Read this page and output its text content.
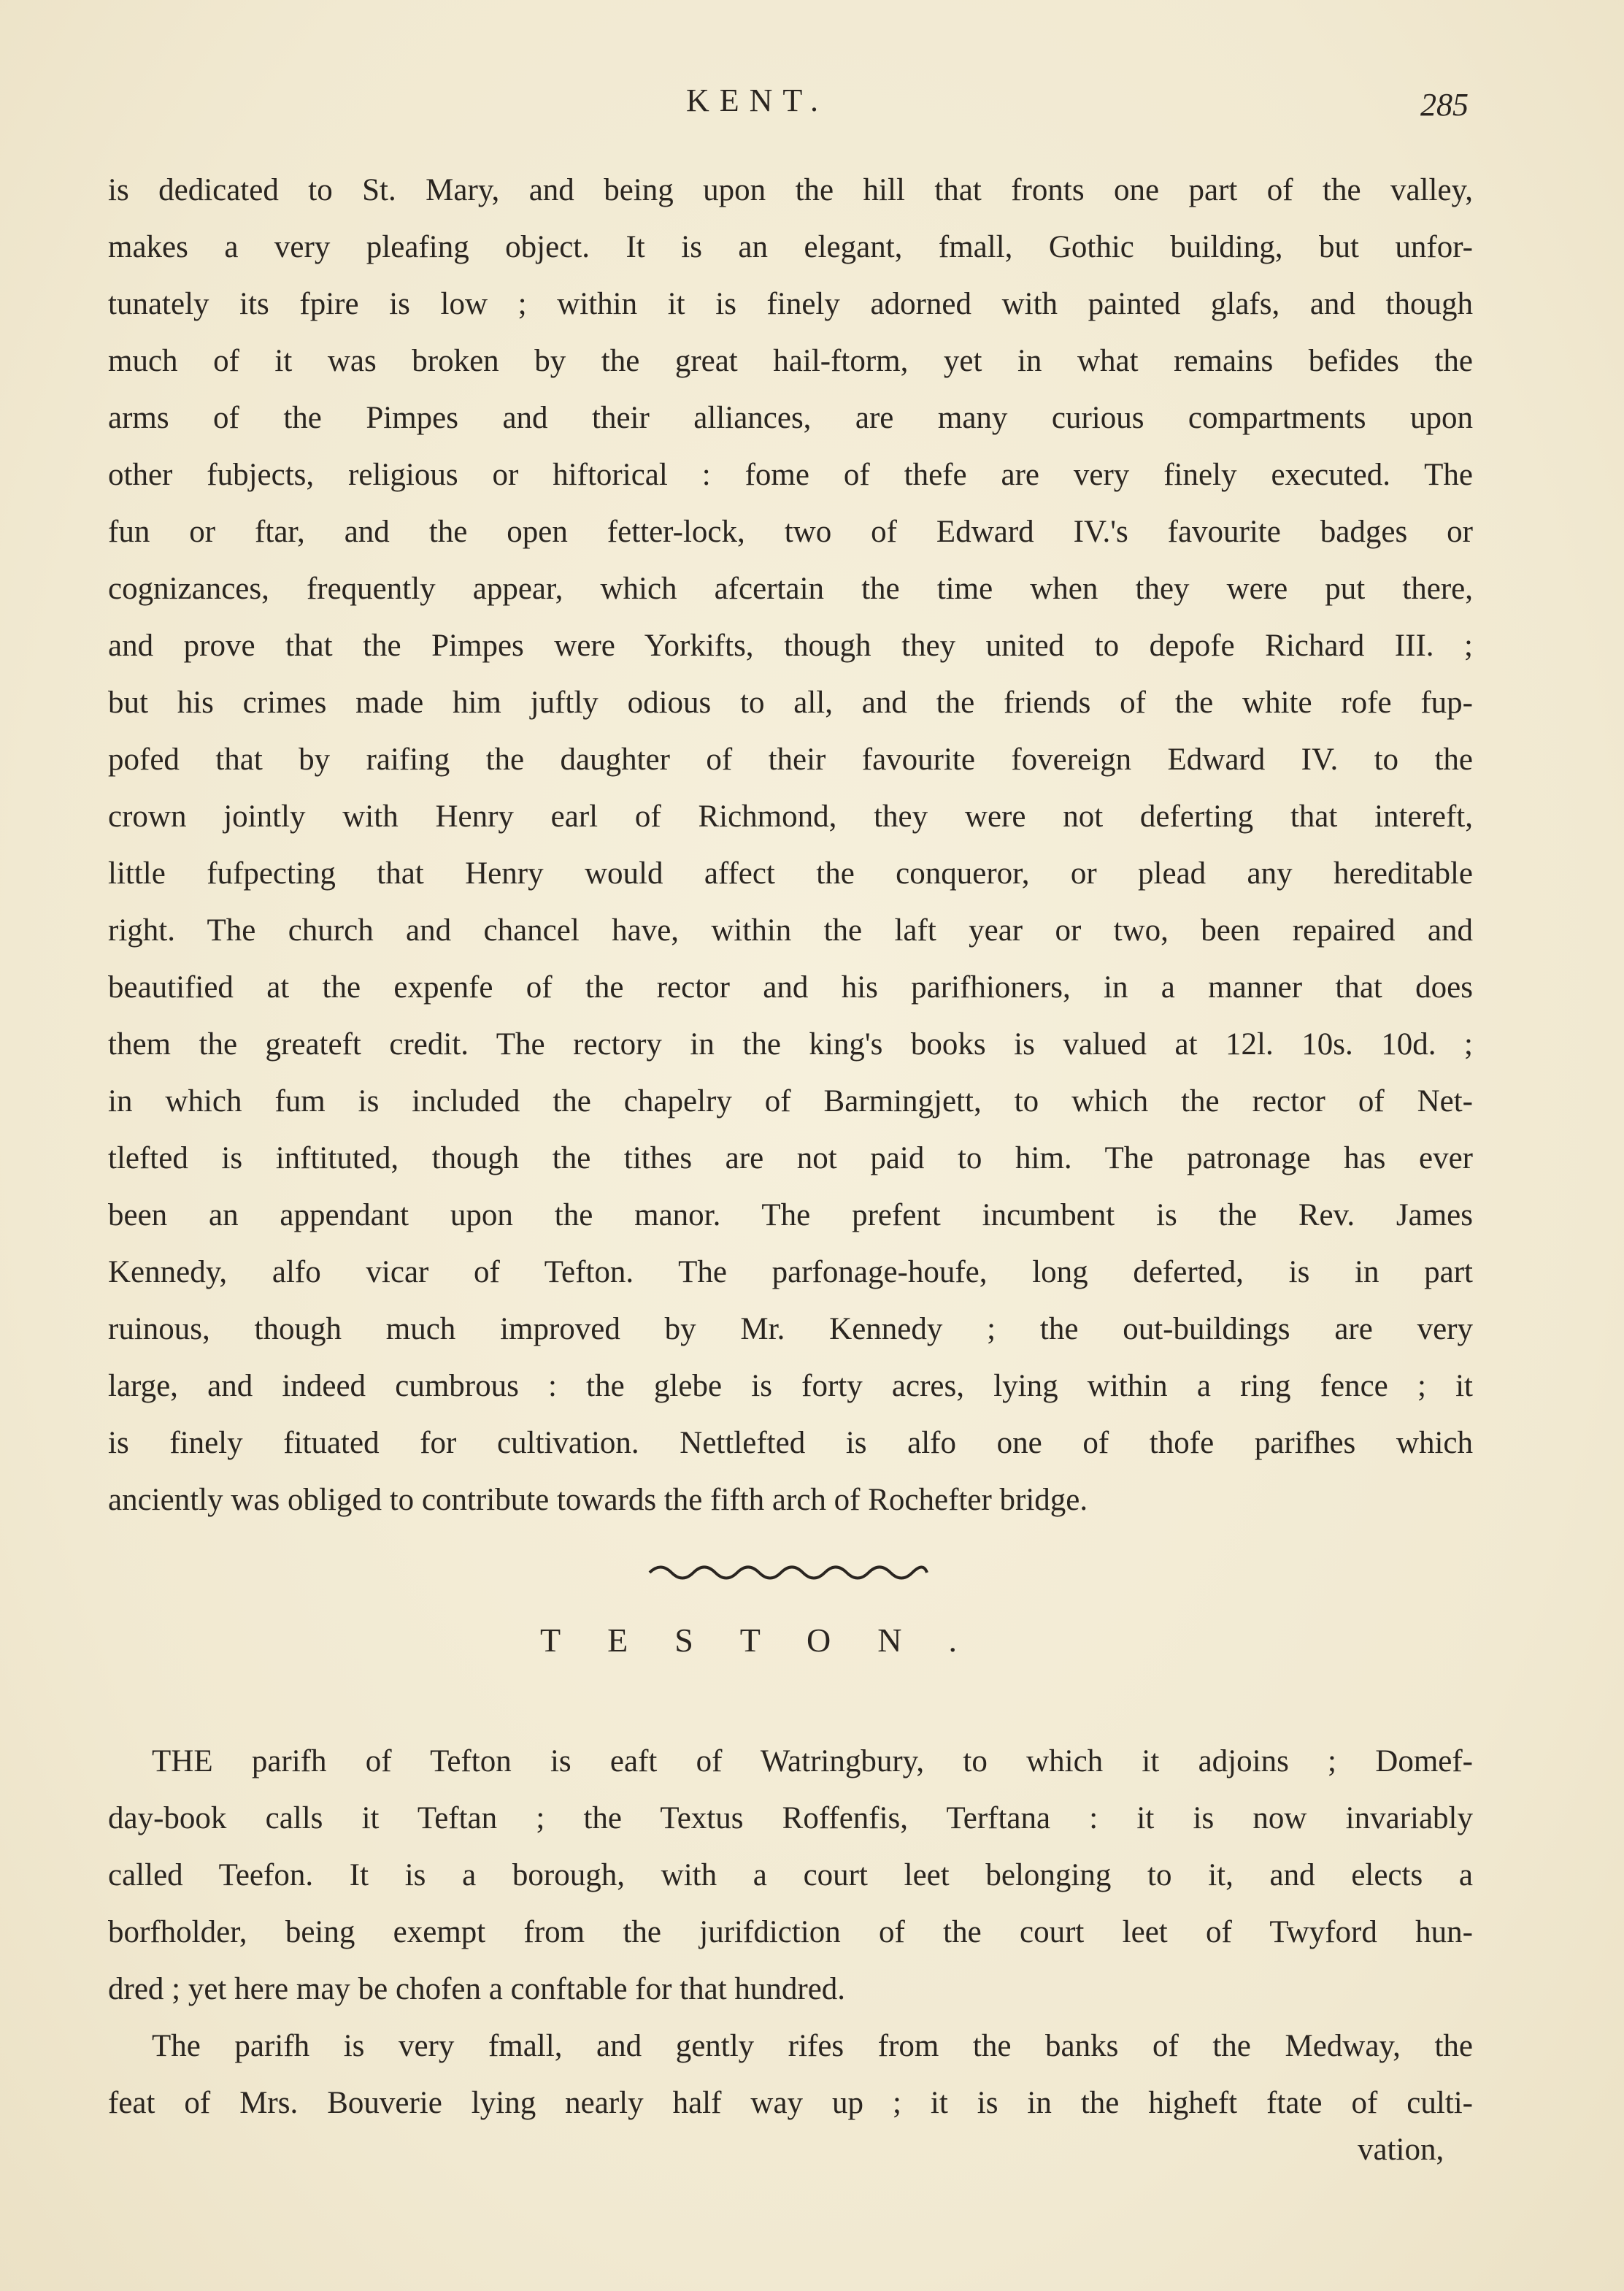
KENT.	285
is dedicated to St. Mary, and being upon the hill that fronts one part of the valley,
makes a very pleafing object. It is an elegant, fmall, Gothic building, but unfor-
tunately its fpire is low ; within it is finely adorned with painted glafs, and though
much of it was broken by the great hail-ftorm, yet in what remains befides the
arms of the Pimpes and their alliances, are many curious compartments upon
other fubjects, religious or hiftorical : fome of thefe are very finely executed. The
fun or ftar, and the open fetter-lock, two of Edward IV.'s favourite badges or
cognizances, frequently appear, which afcertain the time when they were put there,
and prove that the Pimpes were Yorkifts, though they united to depofe Richard III. ;
but his crimes made him juftly odious to all, and the friends of the white rofe fup-
pofed that by raifing the daughter of their favourite fovereign Edward IV. to the
crown jointly with Henry earl of Richmond, they were not deferting that intereft,
little fufpecting that Henry would affect the conqueror, or plead any hereditable
right. The church and chancel have, within the laft year or two, been repaired and
beautified at the expenfe of the rector and his parifhioners, in a manner that does
them the greateft credit. The rectory in the king's books is valued at 12l. 10s. 10d. ;
in which fum is included the chapelry of Barmingjett, to which the rector of Net-
tlefted is inftituted, though the tithes are not paid to him. The patronage has ever
been an appendant upon the manor. The prefent incumbent is the Rev. James
Kennedy, alfo vicar of Tefton. The parfonage-houfe, long deferted, is in part
ruinous, though much improved by Mr. Kennedy ; the out-buildings are very
large, and indeed cumbrous : the glebe is forty acres, lying within a ring fence ; it
is finely fituated for cultivation. Nettlefted is alfo one of thofe parifhes which
anciently was obliged to contribute towards the fifth arch of Rochefter bridge.
TESTON.
THE parifh of Tefton is eaft of Watringbury, to which it adjoins ; Domef-
day-book calls it Teftan ; the Textus Roffenfis, Terftana : it is now invariably
called Teefon. It is a borough, with a court leet belonging to it, and elects a
borfholder, being exempt from the jurifdiction of the court leet of Twyford hun-
dred ; yet here may be chofen a conftable for that hundred.
The parifh is very fmall, and gently rifes from the banks of the Medway, the
feat of Mrs. Bouverie lying nearly half way up ; it is in the higheft ftate of culti-
vation,
